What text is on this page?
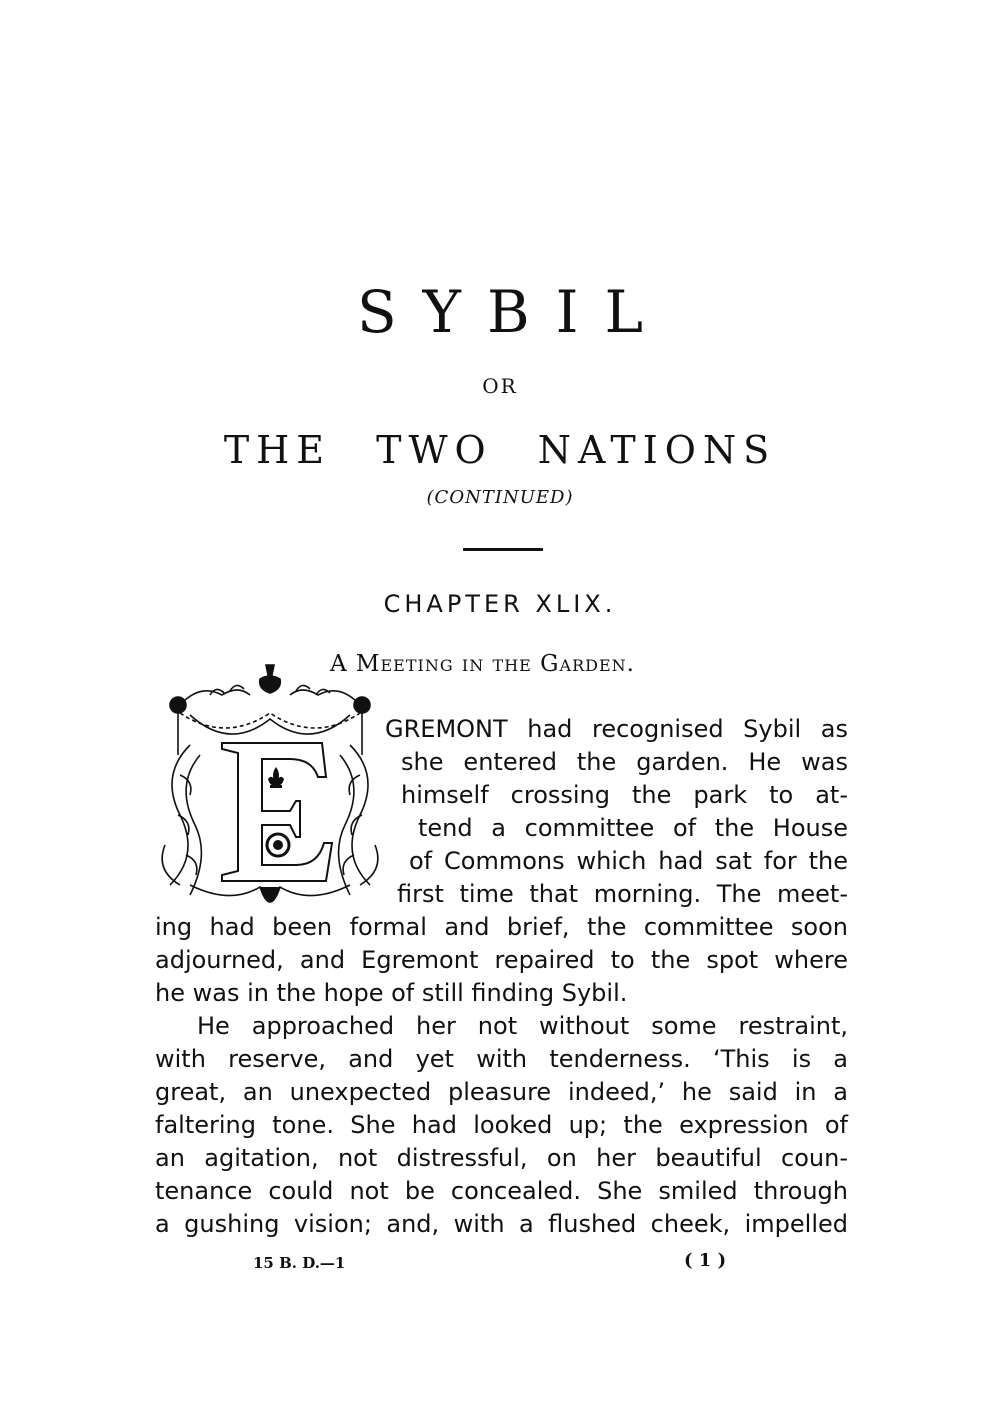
SYBIL
OR
THE TWO NATIONS
(CONTINUED)
CHAPTER XLIX.
A Meeting in the Garden.
E
GREMONT had recognised Sybil as
she entered the garden. He was
himself crossing the park to at-
tend a committee of the House
of Commons which had sat for the
first time that morning. The meet-
ing had been formal and brief, the committee soon
adjourned, and Egremont repaired to the spot where
he was in the hope of still finding Sybil.
He approached her not without some restraint,
with reserve, and yet with tenderness. ‘This is a
great, an unexpected pleasure indeed,’ he said in a
faltering tone. She had looked up; the expression of
an agitation, not distressful, on her beautiful coun-
tenance could not be concealed. She smiled through
a gushing vision; and, with a flushed cheek, impelled
15 B. D.—1	( 1 )
